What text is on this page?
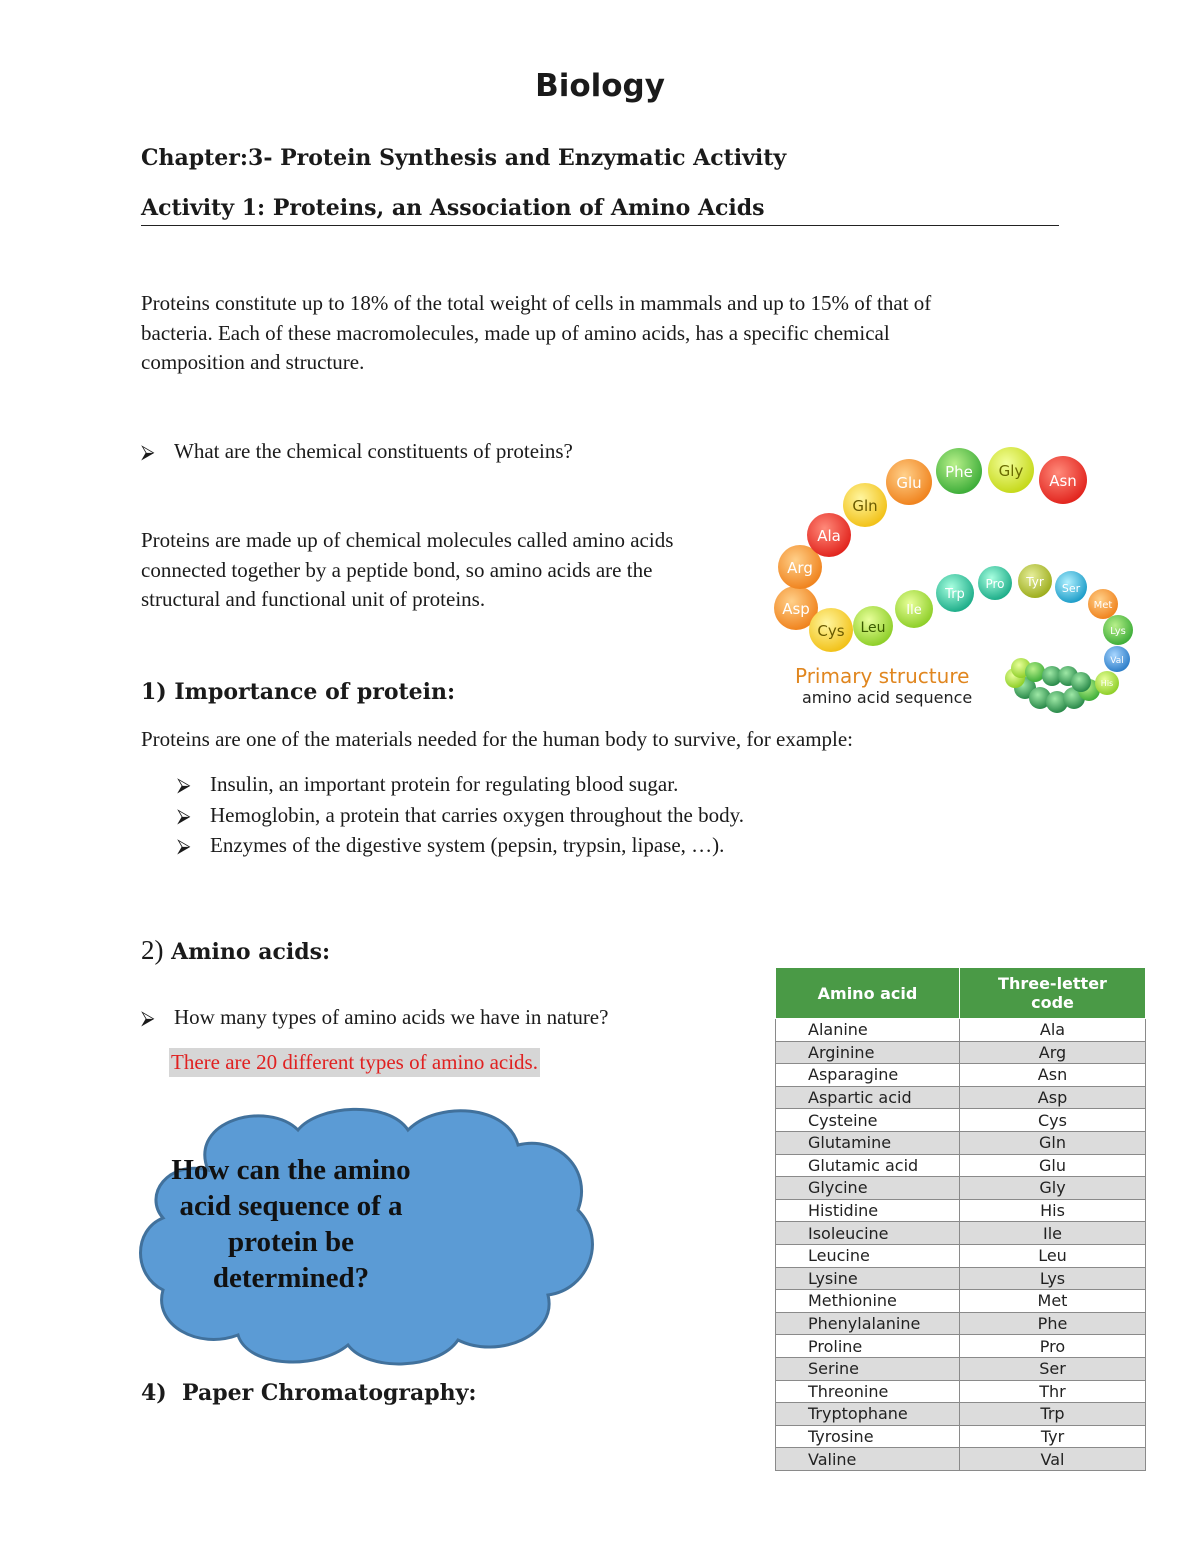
Biology
Chapter:3- Protein Synthesis and Enzymatic Activity
Activity 1: Proteins, an Association of Amino Acids
Proteins constitute up to 18% of the total weight of cells in mammals and up to 15% of that of
bacteria. Each of these macromolecules, made up of amino acids, has a specific chemical
composition and structure.
⮚ What are the chemical constituents of proteins?
Proteins are made up of chemical molecules called amino acids
connected together by a peptide bond, so amino acids are the
structural and functional unit of proteins.	Asp
Arg
Ala
Gln
Glu
Phe Gly
Asn
Cys Leu
Ile
Trp
Pro Tyr Ser
Met
Lys
Val
His
Primary structure
amino acid sequence
1) Importance of protein:
Proteins are one of the materials needed for the human body to survive, for example:
⮚ Insulin, an important protein for regulating blood sugar.
⮚ Hemoglobin, a protein that carries oxygen throughout the body.
⮚ Enzymes of the digestive system (pepsin, trypsin, lipase, …).
2) Amino acids:
⮚ How many types of amino acids we have in nature?
There are 20 different types of amino acids.
How can the amino
acid sequence of a
protein be
determined?
4) Paper Chromatography:
Amino acid	Three-letter
code

Alanine	Ala
Arginine	Arg
Asparagine	Asn
Aspartic acid	Asp
Cysteine	Cys
Glutamine	Gln
Glutamic acid	Glu
Glycine	Gly
Histidine	His
Isoleucine	Ile
Leucine	Leu
Lysine	Lys
Methionine	Met
Phenylalanine	Phe
Proline	Pro
Serine	Ser
Threonine	Thr
Tryptophane	Trp
Tyrosine	Tyr
Valine	Val
